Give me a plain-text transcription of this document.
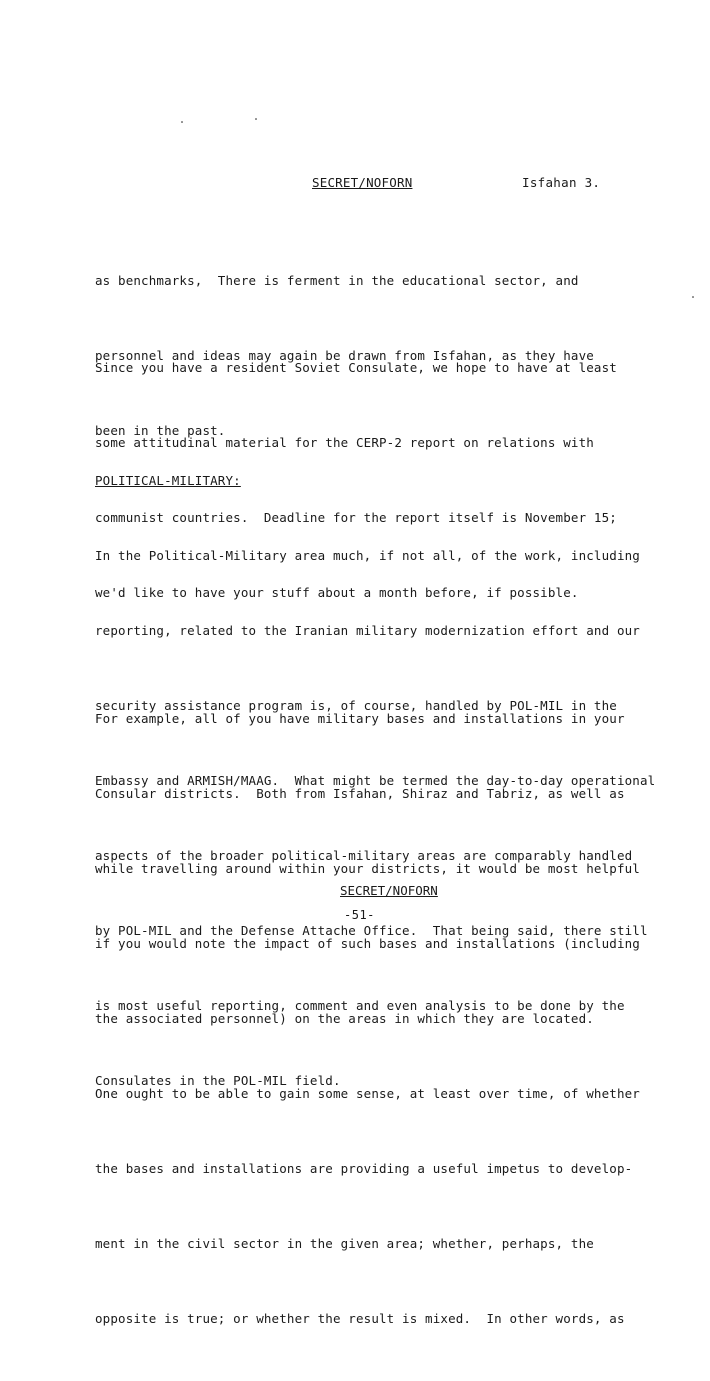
SECRET/NOFORN	Isfahan 3.

as benchmarks,  There is ferment in the educational sector, and

personnel and ideas may again be drawn from Isfahan, as they have

been in the past.

Since you have a resident Soviet Consulate, we hope to have at least

some attitudinal material for the CERP-2 report on relations with

communist countries.  Deadline for the report itself is November 15;

we'd like to have your stuff about a month before, if possible.

POLITICAL-MILITARY:

In the Political-Military area much, if not all, of the work, including

reporting, related to the Iranian military modernization effort and our

security assistance program is, of course, handled by POL-MIL in the

Embassy and ARMISH/MAAG.  What might be termed the day-to-day operational

aspects of the broader political-military areas are comparably handled

by POL-MIL and the Defense Attache Office.  That being said, there still

is most useful reporting, comment and even analysis to be done by the

Consulates in the POL-MIL field.

For example, all of you have military bases and installations in your

Consular districts.  Both from Isfahan, Shiraz and Tabriz, as well as

while travelling around within your districts, it would be most helpful

if you would note the impact of such bases and installations (including

the associated personnel) on the areas in which they are located.

One ought to be able to gain some sense, at least over time, of whether

the bases and installations are providing a useful impetus to develop-

ment in the civil sector in the given area; whether, perhaps, the

opposite is true; or whether the result is mixed.  In other words, as

SECRET/NOFORN
-51-
